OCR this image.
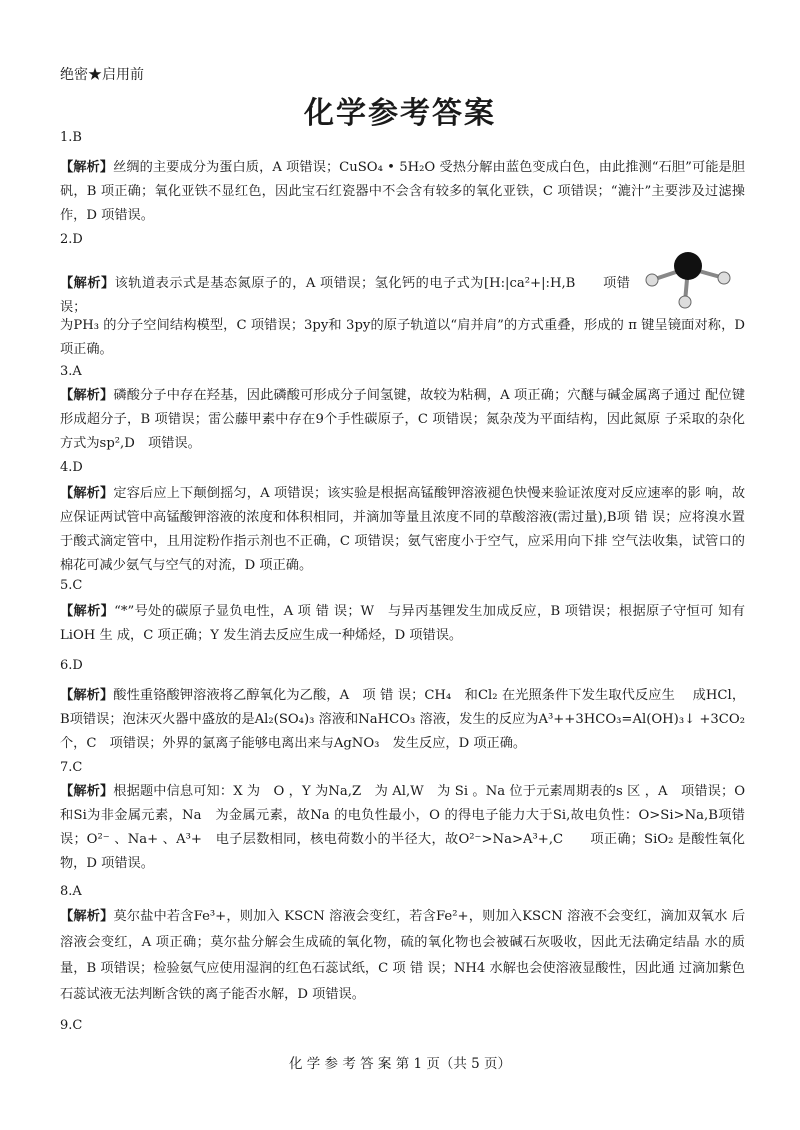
绝密★启用前
化学参考答案
1.B
【解析】丝绸的主要成分为蛋白质，A 项错误；CuSO₄ • 5H₂O 受热分解由蓝色变成白色，由此推测“石胆”可能是胆矾，B 项正确；氧化亚铁不显红色，因此宝石红瓷器中不会含有较多的氧化亚铁，C 项错误；“漉汁”主要涉及过滤操作，D 项错误。
2.D
【解析】该轨道表示式是基态氮原子的，A 项错误；氢化钙的电子式为[H:|ca²+|:H,B　　项错误；
为PH₃ 的分子空间结构模型，C 项错误；3py和 3py的原子轨道以“肩并肩”的方式重叠，形成的 π 键呈镜面对称，D项正确。
3.A
【解析】磷酸分子中存在羟基，因此磷酸可形成分子间氢键，故较为粘稠，A 项正确；穴醚与碱金属离子通过 配位键形成超分子，B 项错误；雷公藤甲素中存在9个手性碳原子，C 项错误；氮杂茂为平面结构，因此氮原 子采取的杂化方式为sp²,D　项错误。
4.D
【解析】定容后应上下颠倒摇匀，A 项错误；该实验是根据高锰酸钾溶液褪色快慢来验证浓度对反应速率的影 响，故应保证两试管中高锰酸钾溶液的浓度和体积相同，并滴加等量且浓度不同的草酸溶液(需过量),B项 错 误；应将溴水置于酸式滴定管中，且用淀粉作指示剂也不正确，C 项错误；氨气密度小于空气，应采用向下排 空气法收集，试管口的棉花可减少氨气与空气的对流，D 项正确。
5.C
【解析】“*”号处的碳原子显负电性，A 项 错 误；W　与异丙基锂发生加成反应，B 项错误；根据原子守恒可 知有LiOH 生 成，C 项正确；Y 发生消去反应生成一种烯烃，D 项错误。
6.D
【解析】酸性重铬酸钾溶液将乙醇氧化为乙酸，A　项 错 误；CH₄　和Cl₂ 在光照条件下发生取代反应生　 成HCl，B项错误；泡沫灭火器中盛放的是Al₂(SO₄)₃ 溶液和NaHCO₃ 溶液，发生的反应为A³++3HCO₃=Al(OH)₃↓ +3CO₂　个，C　项错误；外界的氯离子能够电离出来与AgNO₃　发生反应，D 项正确。
7.C
【解析】根据题中信息可知：X 为　O ，Y 为Na,Z　为 Al,W　为 Si 。Na 位于元素周期表的s 区 ，A　项错误；O和Si为非金属元素，Na　为金属元素，故Na 的电负性最小，O 的得电子能力大于Si,故电负性：O>Si>Na,B项错误；O²⁻ 、Na+ 、A³+　电子层数相同，核电荷数小的半径大，故O²⁻>Na>A³+,C　　项正确；SiO₂ 是酸性氧化物，D 项错误。
8.A
【解析】莫尔盐中若含Fe³+，则加入 KSCN 溶液会变红，若含Fe²+，则加入KSCN 溶液不会变红，滴加双氧水 后溶液会变红，A 项正确；莫尔盐分解会生成硫的氧化物，硫的氧化物也会被碱石灰吸收，因此无法确定结晶 水的质量，B 项错误；检验氨气应使用湿润的红色石蕊试纸，C 项 错 误；NH4 水解也会使溶液显酸性，因此通 过滴加紫色石蕊试液无法判断含铁的离子能否水解，D 项错误。
9.C
化 学 参 考 答 案 第 1 页（共 5 页）
